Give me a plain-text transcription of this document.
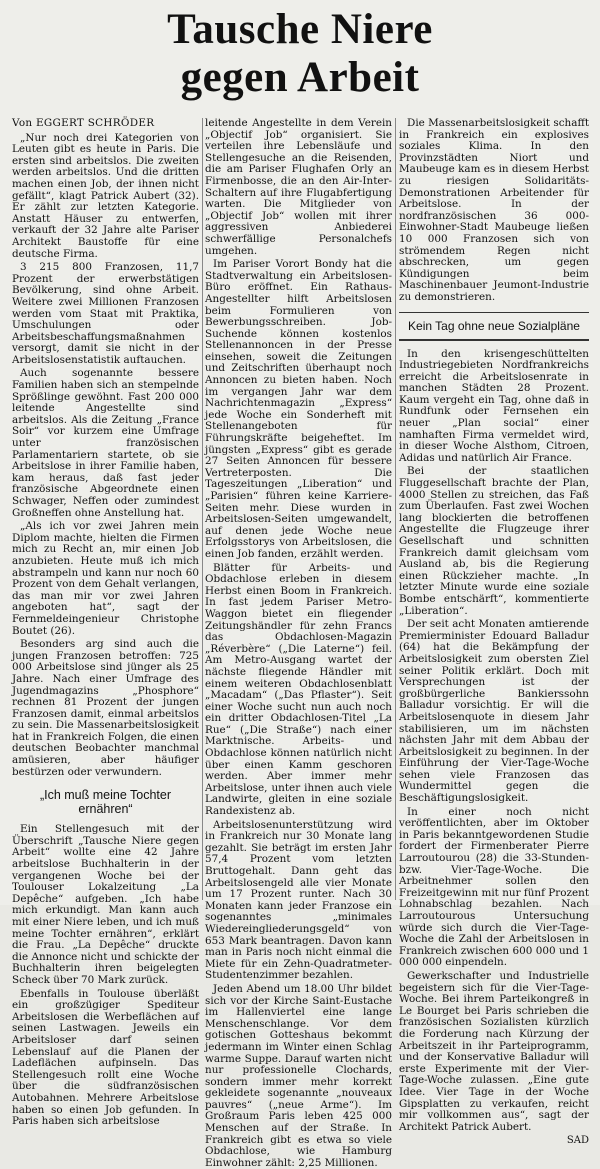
Tausche Niere
gegen Arbeit
Von EGGERT SCHRÖDER

„Nur noch drei Kategorien von Leuten gibt es heute in Paris. Die ersten sind arbeitslos. Die zweiten werden arbeitslos. Und die dritten machen einen Job, der ihnen nicht gefällt“, klagt Patrick Aubert (32). Er zählt zur letzten Kategorie. Anstatt Häuser zu entwerfen, verkauft der 32 Jahre alte Pariser Architekt Baustoffe für eine deutsche Firma.

3 215 800 Franzosen, 11,7 Prozent der erwerbstätigen Bevölkerung, sind ohne Arbeit. Weitere zwei Millionen Franzosen werden vom Staat mit Praktika, Umschulungen oder Arbeitsbeschaffungsmaßnahmen versorgt, damit sie nicht in der Arbeitslosenstatistik auftauchen.

Auch sogenannte bessere Familien haben sich an stempelnde Sprößlinge gewöhnt. Fast 200 000 leitende Angestellte sind arbeitslos. Als die Zeitung „France Soir“ vor kurzem eine Umfrage unter französischen Parlamentariern startete, ob sie Arbeitslose in ihrer Familie haben, kam heraus, daß fast jeder französische Abgeordnete einen Schwager, Neffen oder zumindest Großneffen ohne Anstellung hat.

„Als ich vor zwei Jahren mein Diplom machte, hielten die Firmen mich zu Recht an, mir einen Job anzubieten. Heute muß ich mich abstrampeln und kann nur noch 60 Prozent von dem Gehalt verlangen, das man mir vor zwei Jahren angeboten hat“, sagt der Fernmeldeingenieur Christophe Boutet (26).

Besonders arg sind auch die jungen Franzosen betroffen: 725 000 Arbeitslose sind jünger als 25 Jahre. Nach einer Umfrage des Jugendmagazins „Phosphore“ rechnen 81 Prozent der jungen Franzosen damit, einmal arbeitslos zu sein. Die Massenarbeitslosigkeit hat in Frankreich Folgen, die einen deutschen Beobachter manchmal amüsieren, aber häufiger bestürzen oder verwundern.

„Ich muß meine Tochter ernähren“

Ein Stellengesuch mit der Überschrift „Tausche Niere gegen Arbeit“ wollte eine 42 Jahre arbeitslose Buchhalterin in der vergangenen Woche bei der Toulouser Lokalzeitung „La Depêche“ aufgeben. „Ich habe mich erkundigt. Man kann auch mit einer Niere leben, und ich muß meine Tochter ernähren“, erklärt die Frau. „La Depêche“ druckte die Annonce nicht und schickte der Buchhalterin ihren beigelegten Scheck über 70 Mark zurück.

Ebenfalls in Toulouse überläßt ein großzügiger Spediteur Arbeitslosen die Werbeflächen auf seinen Lastwagen. Jeweils ein Arbeitsloser darf seinen Lebenslauf auf die Planen der Ladeflächen aufpinseln. Das Stellengesuch rollt eine Woche über die südfranzösischen Autobahnen. Mehrere Arbeitslose haben so einen Job gefunden. In Paris haben sich arbeitslose

leitende Angestellte in dem Verein „Objectif Job“ organisiert. Sie verteilen ihre Lebensläufe und Stellengesuche an die Reisenden, die am Pariser Flughafen Orly an Firmenbosse, die an den Air-Inter-Schaltern auf ihre Flugabfertigung warten. Die Mitglieder von „Objectif Job“ wollen mit ihrer aggressiven Anbiederei schwerfällige Personalchefs umgehen.

Im Pariser Vorort Bondy hat die Stadtverwaltung ein Arbeitslosen-Büro eröffnet. Ein Rathaus-Angestellter hilft Arbeitslosen beim Formulieren von Bewerbungsschreiben. Job-Suchende können kostenlos Stellenannoncen in der Presse einsehen, soweit die Zeitungen und Zeitschriften überhaupt noch Annoncen zu bieten haben. Noch im vergangen Jahr war dem Nachrichtenmagazin „Express“ jede Woche ein Sonderheft mit Stellenangeboten für Führungskräfte beigeheftet. Im jüngsten „Express“ gibt es gerade 27 Seiten Annoncen für bessere Vertreterposten. Die Tageszeitungen „Liberation“ und „Parisien“ führen keine Karriere-Seiten mehr. Diese wurden in Arbeitslosen-Seiten umgewandelt, auf denen jede Woche neue Erfolgsstorys von Arbeitslosen, die einen Job fanden, erzählt werden.

Blätter für Arbeits- und Obdachlose erleben in diesem Herbst einen Boom in Frankreich. In fast jedem Pariser Metro-Waggon bietet ein fliegender Zeitungshändler für zehn Francs das Obdachlosen-Magazin „Réverbère“ („Die Laterne“) feil. Am Metro-Ausgang wartet der nächste fliegende Händler mit einem weiteren Obdachlosenblatt „Macadam“ („Das Pflaster“). Seit einer Woche sucht nun auch noch ein dritter Obdachlosen-Titel „La Rue“ („Die Straße“) nach einer Marktnische. Arbeits- und Obdachlose können natürlich nicht über einen Kamm geschoren werden. Aber immer mehr Arbeitslose, unter ihnen auch viele Landwirte, gleiten in eine soziale Randexistenz ab.

Arbeitslosenunterstützung wird in Frankreich nur 30 Monate lang gezahlt. Sie beträgt im ersten Jahr 57,4 Prozent vom letzten Bruttogehalt. Dann geht das Arbeitslosengeld alle vier Monate um 17 Prozent runter. Nach 30 Monaten kann jeder Franzose ein sogenanntes „minimales Wiedereingliederungsgeld“ von 653 Mark beantragen. Davon kann man in Paris noch nicht einmal die Miete für ein Zehn-Quadratmeter-Studentenzimmer bezahlen.

Jeden Abend um 18.00 Uhr bildet sich vor der Kirche Saint-Eustache im Hallenviertel eine lange Menschenschlange. Vor dem gotischen Gotteshaus bekommt jedermann im Winter einen Schlag warme Suppe. Darauf warten nicht nur professionelle Clochards, sondern immer mehr korrekt gekleidete sogenannte „nouveaux pauvres“ („neue Arme“). Im Großraum Paris leben 425 000 Menschen auf der Straße. In Frankreich gibt es etwa so viele Obdachlose, wie Hamburg Einwohner zählt: 2,25 Millionen.

Die Massenarbeitslosigkeit schafft in Frankreich ein explosives soziales Klima. In den Provinzstädten Niort und Maubeuge kam es in diesem Herbst zu riesigen Solidaritäts-Demonstrationen Arbeitender für Arbeitslose. In der nordfranzösischen 36 000-Einwohner-Stadt Maubeuge ließen 10 000 Franzosen sich von strömendem Regen nicht abschrecken, um gegen Kündigungen beim Maschinenbauer Jeumont-Industrie zu demonstrieren.

Kein Tag ohne neue Sozialpläne

In den krisengeschüttelten Industriegebieten Nordfrankreichs erreicht die Arbeitslosenrate in manchen Städten 28 Prozent. Kaum vergeht ein Tag, ohne daß in Rundfunk oder Fernsehen ein neuer „Plan social“ einer namhaften Firma vermeldet wird, in dieser Woche Alsthom, Citroen, Adidas und natürlich Air France.

Bei der staatlichen Fluggesellschaft brachte der Plan, 4000 Stellen zu streichen, das Faß zum Überlaufen. Fast zwei Wochen lang blockierten die betroffenen Angestellte die Flugzeuge ihrer Gesellschaft und schnitten Frankreich damit gleichsam vom Ausland ab, bis die Regierung einen Rückzieher machte. „In letzter Minute wurde eine soziale Bombe entschärft“, kommentierte „Liberation“.

Der seit acht Monaten amtierende Premierminister Edouard Balladur (64) hat die Bekämpfung der Arbeitslosigkeit zum obersten Ziel seiner Politik erklärt. Doch mit Versprechungen ist der großbürgerliche Bankierssohn Balladur vorsichtig. Er will die Arbeitslosenquote in diesem Jahr stabilisieren, um im nächsten nächsten Jahr mit dem Abbau der Arbeitslosigkeit zu beginnen. In der Einführung der Vier-Tage-Woche sehen viele Franzosen das Wundermittel gegen die Beschäftigungslosigkeit.

In einer noch nicht veröffentlichten, aber im Oktober in Paris bekanntgewordenen Studie fordert der Firmenberater Pierre Larroutourou (28) die 33-Stunden- bzw. Vier-Tage-Woche. Die Arbeitnehmer sollen den Freizeitgewinn mit nur fünf Prozent Lohnabschlag bezahlen. Nach Larroutourous Untersuchung würde sich durch die Vier-Tage-Woche die Zahl der Arbeitslosen in Frankreich zwischen 600 000 und 1 000 000 einpendeln.

Gewerkschafter und Industrielle begeistern sich für die Vier-Tage-Woche. Bei ihrem Parteikongreß in Le Bourget bei Paris schrieben die französischen Sozialisten kürzlich die Forderung nach Kürzung der Arbeitszeit in ihr Parteiprogramm, und der Konservative Balladur will erste Experimente mit der Vier-Tage-Woche zulassen. „Eine gute Idee. Vier Tage in der Woche Gipsplatten zu verkaufen, reicht mir vollkommen aus“, sagt der Architekt Patrick Aubert.

SAD
